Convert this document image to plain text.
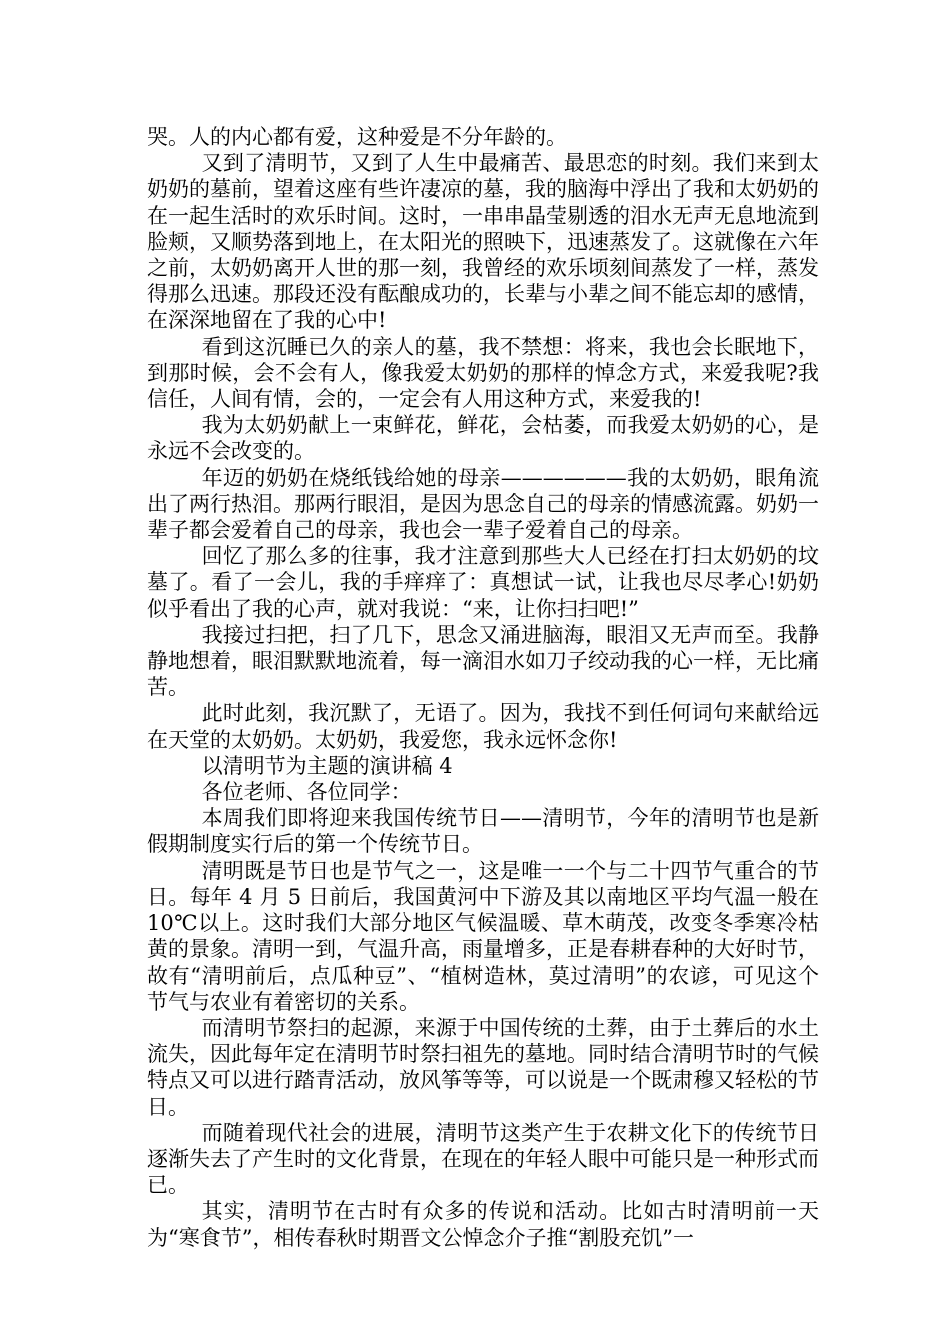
哭。人的内心都有爱，这种爱是不分年龄的。

又到了清明节，又到了人生中最痛苦、最思恋的时刻。我们来到太奶奶的墓前，望着这座有些许凄凉的墓，我的脑海中浮出了我和太奶奶的在一起生活时的欢乐时间。这时，一串串晶莹剔透的泪水无声无息地流到脸颊，又顺势落到地上，在太阳光的照映下，迅速蒸发了。这就像在六年之前，太奶奶离开人世的那一刻，我曾经的欢乐顷刻间蒸发了一样，蒸发得那么迅速。那段还没有酝酿成功的，长辈与小辈之间不能忘却的感情，在深深地留在了我的心中!

看到这沉睡已久的亲人的墓，我不禁想：将来，我也会长眠地下，到那时候，会不会有人，像我爱太奶奶的那样的悼念方式，来爱我呢?我信任，人间有情，会的，一定会有人用这种方式，来爱我的!

我为太奶奶献上一束鲜花，鲜花，会枯萎，而我爱太奶奶的心，是永远不会改变的。

年迈的奶奶在烧纸钱给她的母亲——————我的太奶奶，眼角流出了两行热泪。那两行眼泪，是因为思念自己的母亲的情感流露。奶奶一辈子都会爱着自己的母亲，我也会一辈子爱着自己的母亲。

回忆了那么多的往事，我才注意到那些大人已经在打扫太奶奶的坟墓了。看了一会儿，我的手痒痒了：真想试一试，让我也尽尽孝心!奶奶似乎看出了我的心声，就对我说：“来，让你扫扫吧!”

我接过扫把，扫了几下，思念又涌进脑海，眼泪又无声而至。我静静地想着，眼泪默默地流着，每一滴泪水如刀子绞动我的心一样，无比痛苦。

此时此刻，我沉默了，无语了。因为，我找不到任何词句来献给远在天堂的太奶奶。太奶奶，我爱您，我永远怀念你!

以清明节为主题的演讲稿 4

各位老师、各位同学：

本周我们即将迎来我国传统节日——清明节，今年的清明节也是新假期制度实行后的第一个传统节日。

清明既是节日也是节气之一，这是唯一一个与二十四节气重合的节日。每年 4 月 5 日前后，我国黄河中下游及其以南地区平均气温一般在 10℃以上。这时我们大部分地区气候温暖、草木萌茂，改变冬季寒冷枯黄的景象。清明一到，气温升高，雨量增多，正是春耕春种的大好时节，故有“清明前后，点瓜种豆”、“植树造林，莫过清明”的农谚，可见这个节气与农业有着密切的关系。

而清明节祭扫的起源，来源于中国传统的土葬，由于土葬后的水土流失，因此每年定在清明节时祭扫祖先的墓地。同时结合清明节时的气候特点又可以进行踏青活动，放风筝等等，可以说是一个既肃穆又轻松的节日。

而随着现代社会的进展，清明节这类产生于农耕文化下的传统节日逐渐失去了产生时的文化背景，在现在的年轻人眼中可能只是一种形式而已。

其实，清明节在古时有众多的传说和活动。比如古时清明前一天为“寒食节”，相传春秋时期晋文公悼念介子推“割股充饥”一
